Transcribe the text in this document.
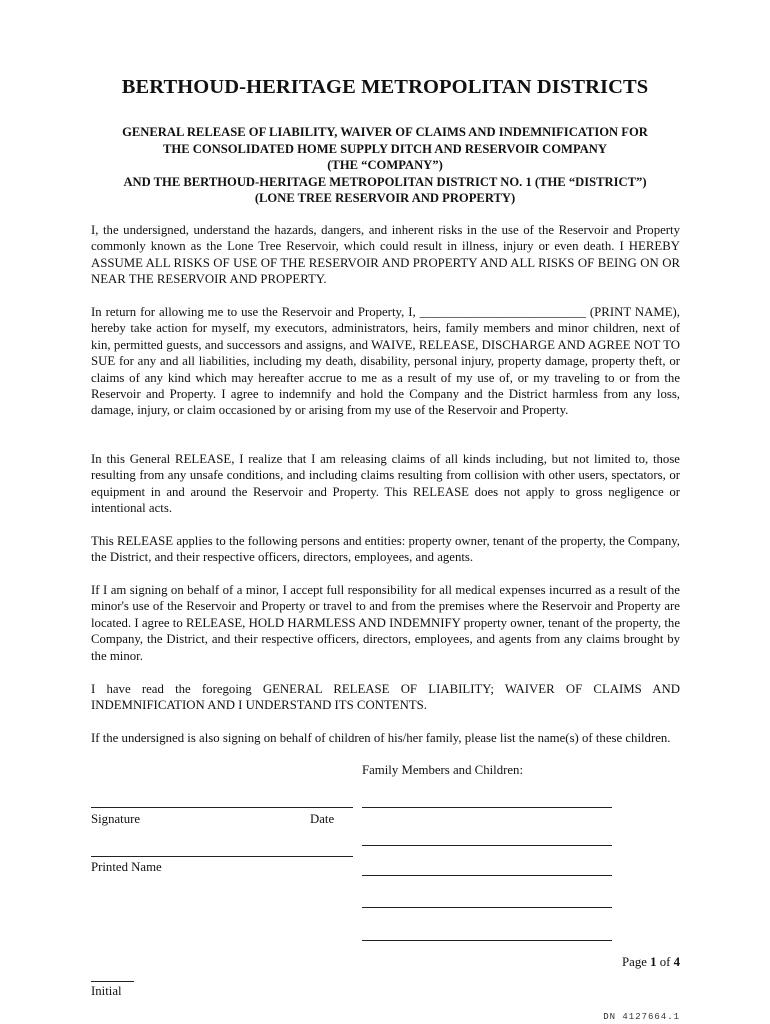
BERTHOUD-HERITAGE METROPOLITAN DISTRICTS
GENERAL RELEASE OF LIABILITY, WAIVER OF CLAIMS AND INDEMNIFICATION FOR
THE CONSOLIDATED HOME SUPPLY DITCH AND RESERVOIR COMPANY
(THE “COMPANY”)
AND THE BERTHOUD-HERITAGE METROPOLITAN DISTRICT NO. 1 (THE “DISTRICT”)
(LONE TREE RESERVOIR AND PROPERTY)

I, the undersigned, understand the hazards, dangers, and inherent risks in the use of the Reservoir and Property commonly known as the Lone Tree Reservoir, which could result in illness, injury or even death. I HEREBY ASSUME ALL RISKS OF USE OF THE RESERVOIR AND PROPERTY AND ALL RISKS OF BEING ON OR NEAR THE RESERVOIR AND PROPERTY.

In return for allowing me to use the Reservoir and Property, I, __________________________ (PRINT NAME), hereby take action for myself, my executors, administrators, heirs, family members and minor children, next of kin, permitted guests, and successors and assigns, and WAIVE, RELEASE, DISCHARGE AND AGREE NOT TO SUE for any and all liabilities, including my death, disability, personal injury, property damage, property theft, or claims of any kind which may hereafter accrue to me as a result of my use of, or my traveling to or from the Reservoir and Property. I agree to indemnify and hold the Company and the District harmless from any loss, damage, injury, or claim occasioned by or arising from my use of the Reservoir and Property.

In this General RELEASE, I realize that I am releasing claims of all kinds including, but not limited to, those resulting from any unsafe conditions, and including claims resulting from collision with other users, spectators, or equipment in and around the Reservoir and Property. This RELEASE does not apply to gross negligence or intentional acts.

This RELEASE applies to the following persons and entities: property owner, tenant of the property, the Company, the District, and their respective officers, directors, employees, and agents.

If I am signing on behalf of a minor, I accept full responsibility for all medical expenses incurred as a result of the minor's use of the Reservoir and Property or travel to and from the premises where the Reservoir and Property are located. I agree to RELEASE, HOLD HARMLESS AND INDEMNIFY property owner, tenant of the property, the Company, the District, and their respective officers, directors, employees, and agents from any claims brought by the minor.

I have read the foregoing GENERAL RELEASE OF LIABILITY; WAIVER OF CLAIMS AND INDEMNIFICATION AND I UNDERSTAND ITS CONTENTS.

If the undersigned is also signing on behalf of children of his/her family, please list the name(s) of these children.

Family Members and Children:
Signature	Date
Printed Name
Page 1 of 4
Initial
DN 4127664.1
